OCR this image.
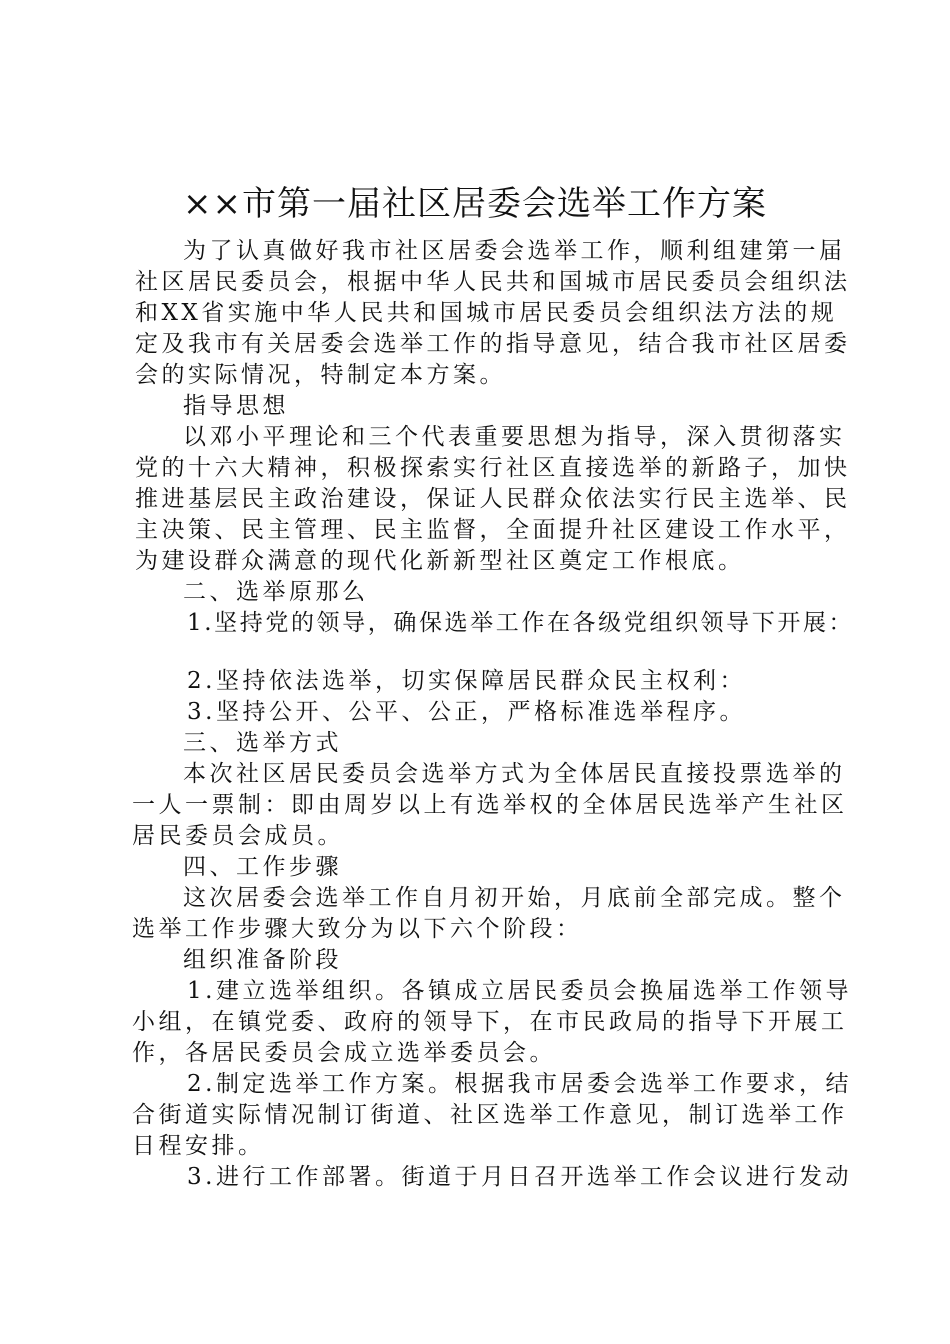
××市第一届社区居委会选举工作方案
为了认真做好我市社区居委会选举工作，顺利组建第一届
社区居民委员会，根据中华人民共和国城市居民委员会组织法
和XX省实施中华人民共和国城市居民委员会组织法方法的规
定及我市有关居委会选举工作的指导意见，结合我市社区居委
会的实际情况，特制定本方案。
指导思想
以邓小平理论和三个代表重要思想为指导，深入贯彻落实
党的十六大精神，积极探索实行社区直接选举的新路子，加快
推进基层民主政治建设，保证人民群众依法实行民主选举、民
主决策、民主管理、民主监督，全面提升社区建设工作水平，
为建设群众满意的现代化新新型社区奠定工作根底。
二、选举原那么
1.坚持党的领导，确保选举工作在各级党组织领导下开展：
2.坚持依法选举，切实保障居民群众民主权利：
3.坚持公开、公平、公正，严格标准选举程序。
三、选举方式
本次社区居民委员会选举方式为全体居民直接投票选举的
一人一票制：即由周岁以上有选举权的全体居民选举产生社区
居民委员会成员。
四、工作步骤
这次居委会选举工作自月初开始，月底前全部完成。整个
选举工作步骤大致分为以下六个阶段：
组织准备阶段
1.建立选举组织。各镇成立居民委员会换届选举工作领导
小组，在镇党委、政府的领导下，在市民政局的指导下开展工
作，各居民委员会成立选举委员会。
2.制定选举工作方案。根据我市居委会选举工作要求，结
合街道实际情况制订街道、社区选举工作意见，制订选举工作
日程安排。
3.进行工作部署。街道于月日召开选举工作会议进行发动
